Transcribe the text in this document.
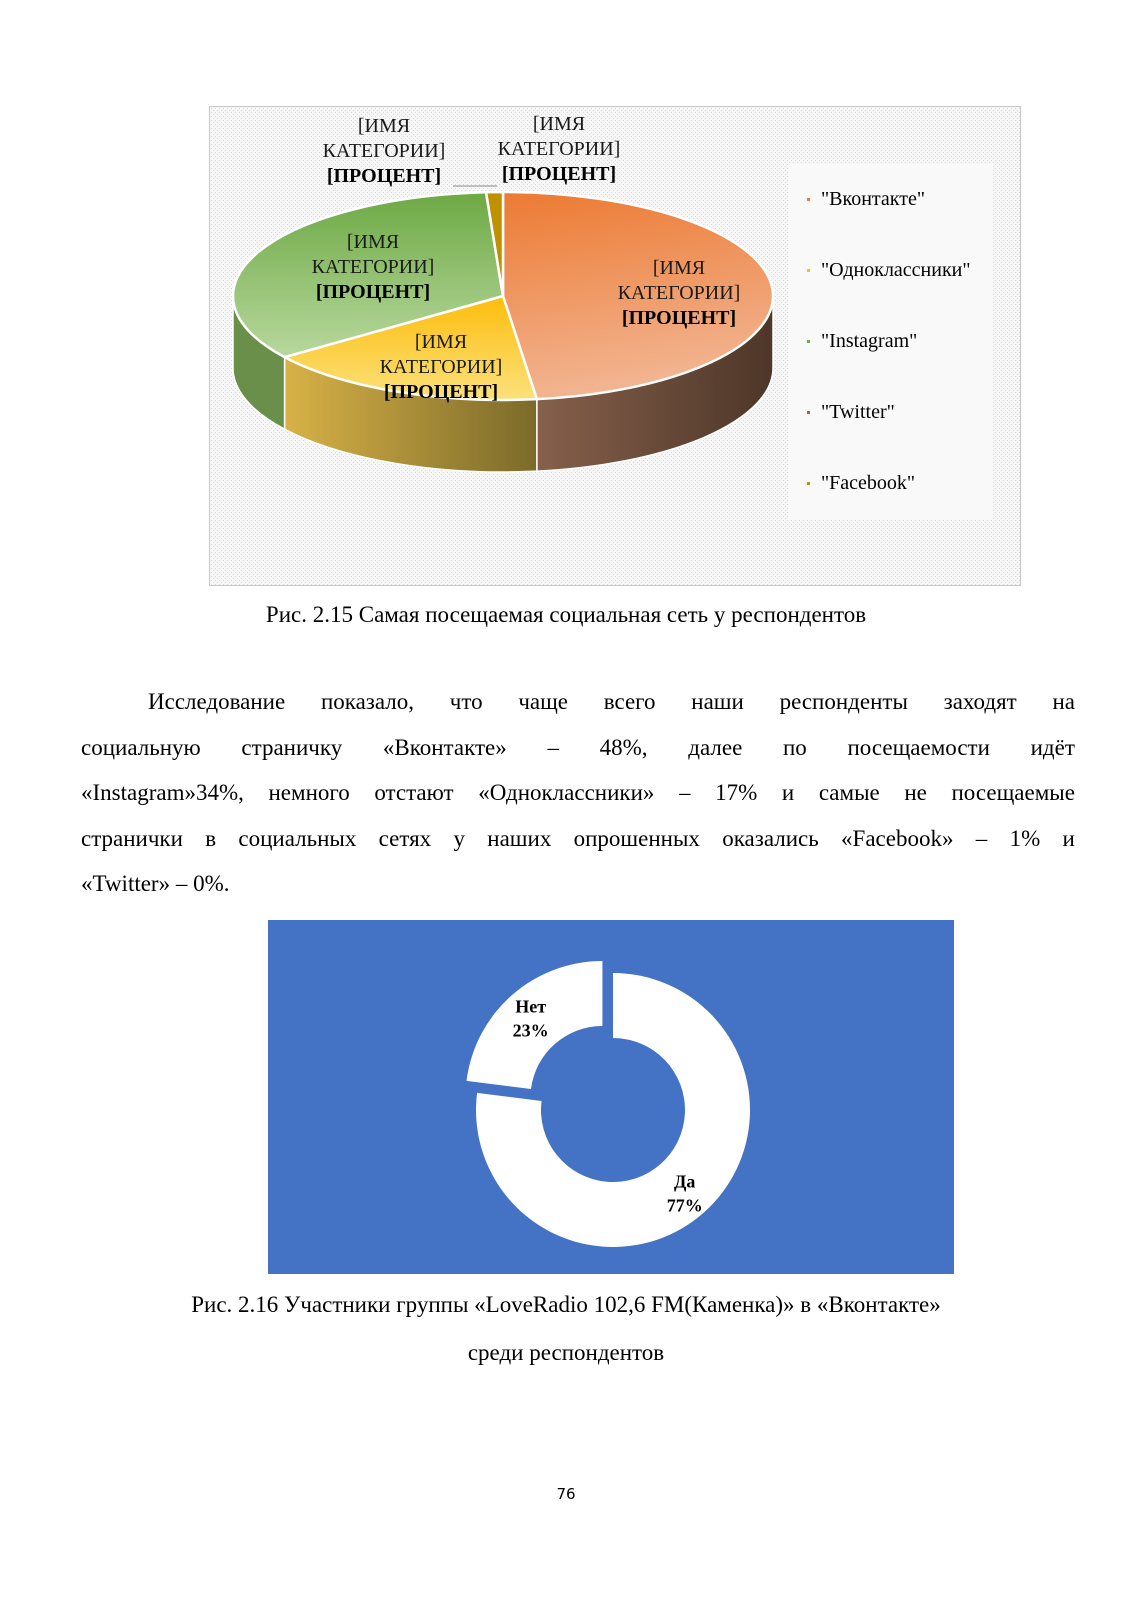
[ИМЯ
КАТЕГОРИИ]
[ПРОЦЕНТ]
[ИМЯ
КАТЕГОРИИ]
[ПРОЦЕНТ]
[ИМЯ
КАТЕГОРИИ]
[ПРОЦЕНТ]
[ИМЯ
КАТЕГОРИИ]
[ПРОЦЕНТ]
[ИМЯ
КАТЕГОРИИ]
[ПРОЦЕНТ]
"Вконтакте"
"Одноклассники"
"Instagram"
"Twitter"
"Facebook"
Рис. 2.15 Самая посещаемая социальная сеть у респондентов
Исследование показало, что чаще всего наши респонденты заходят на
социальную страничку «Вконтакте» – 48%, далее по посещаемости идёт
«Instagram»34%, немного отстают «Одноклассники» – 17% и самые не посещаемые
странички в социальных сетях у наших опрошенных оказались «Facebook» – 1% и
«Twitter» – 0%.
Да
77%
Нет
23%
Рис. 2.16 Участники группы «LoveRadio 102,6 FM(Каменка)» в «Вконтакте»
среди респондентов
76
